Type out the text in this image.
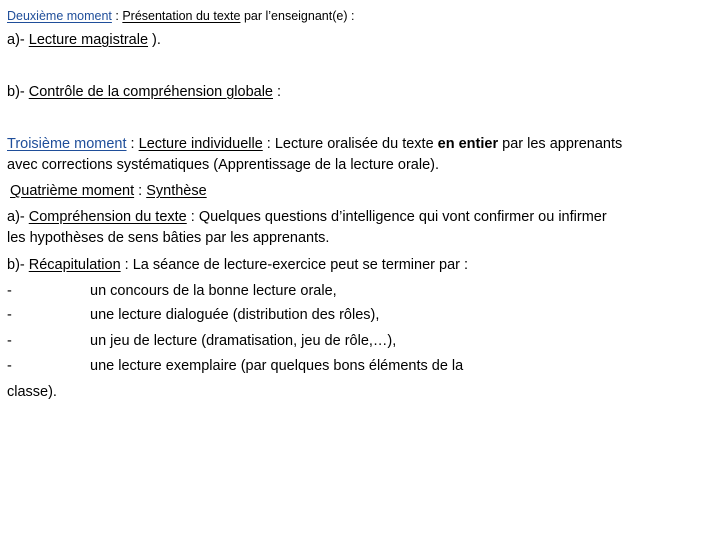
Deuxième moment : Présentation du texte par l’enseignant(e) :
a)- Lecture magistrale ).
b)- Contrôle de la compréhension globale :
Troisième moment : Lecture individuelle : Lecture oralisée du texte en entier par les apprenants
avec corrections systématiques (Apprentissage de la lecture orale).
Quatrième moment : Synthèse
a)- Compréhension du texte : Quelques questions d’intelligence qui vont confirmer ou infirmer
les hypothèses de sens bâties par les apprenants.
b)- Récapitulation : La séance de lecture-exercice peut se terminer par :
-	un concours de la bonne lecture orale,
-	une lecture dialoguée (distribution des rôles),
-	un jeu de lecture (dramatisation, jeu de rôle,…),
-	une lecture exemplaire (par quelques bons éléments de la
classe).
